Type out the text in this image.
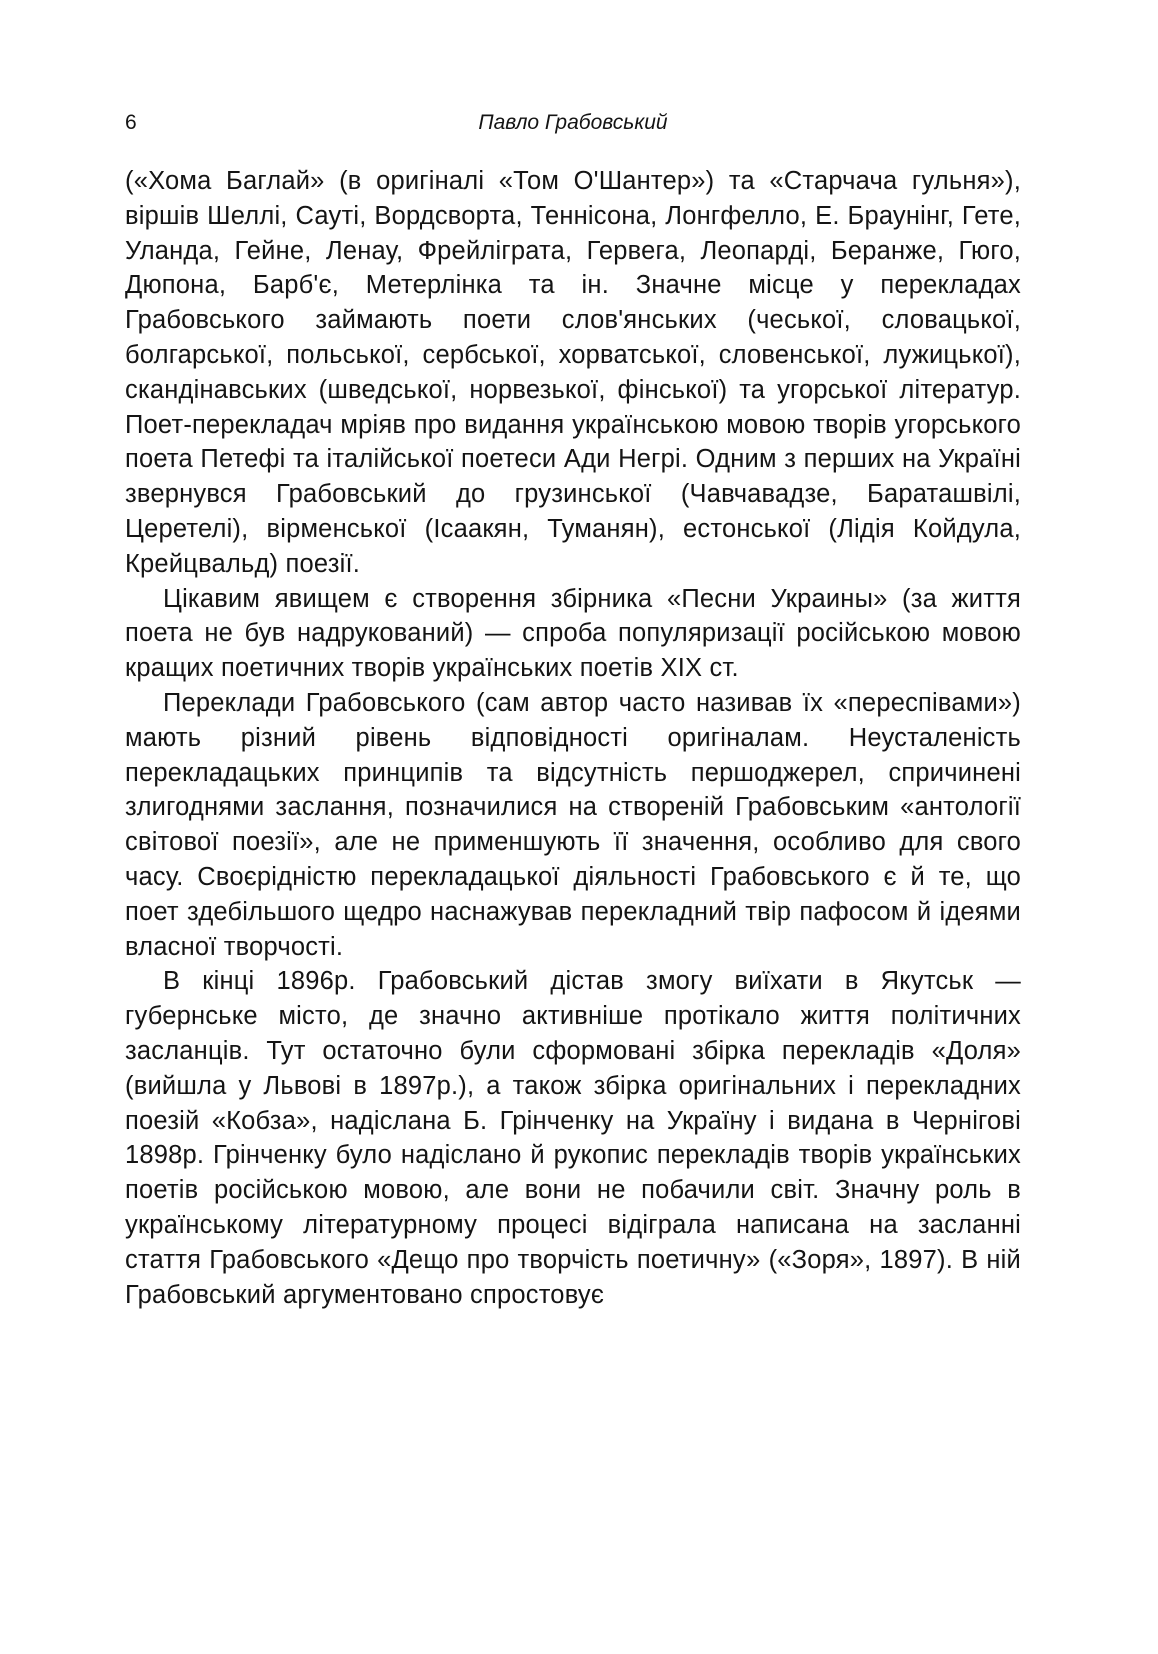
6	Павло Грабовський

(«Хома Баглай» (в оригіналі «Том О'Шантер») та «Старчача гульня»), віршів Шеллі, Сауті, Вордсворта, Теннісона, Лонгфелло, Е. Браунінг, Гете, Уланда, Гейне, Ленау, Фрейліграта, Гервега, Леопарді, Беранже, Гюго, Дюпона, Барб'є, Метерлінка та ін. Значне місце у перекладах Грабовського займають поети слов'янських (чеської, словацької, болгарської, польської, сербської, хорватської, словенської, лужицької), скандінавських (шведської, норвезької, фінської) та угорської літератур. Поет-перекладач мріяв про видання українською мовою творів угорського поета Петефі та італійської поетеси Ади Негрі. Одним з перших на Україні звернувся Грабовський до грузинської (Чавчавадзе, Бараташвілі, Церетелі), вірменської (Ісаакян, Туманян), естонської (Лідія Койдула, Крейцвальд) поезії.

Цікавим явищем є створення збірника «Песни Украины» (за життя поета не був надрукований) — спроба популяризації російською мовою кращих поетичних творів українських поетів XIX ст.

Переклади Грабовського (сам автор часто називав їх «переспівами») мають різний рівень відповідності оригіналам. Неусталеність перекладацьких принципів та відсутність першоджерел, спричинені злигоднями заслання, позначилися на створеній Грабовським «антології світової поезії», але не применшують її значення, особливо для свого часу. Своєрідністю перекладацької діяльності Грабовського є й те, що поет здебільшого щедро наснажував перекладний твір пафосом й ідеями власної творчості.

В кінці 1896р. Грабовський дістав змогу виїхати в Якутськ — губернське місто, де значно активніше протікало життя політичних засланців. Тут остаточно були сформовані збірка перекладів «Доля» (вийшла у Львові в 1897р.), а також збірка оригінальних і перекладних поезій «Кобза», надіслана Б. Грінченку на Україну і видана в Чернігові 1898р. Грінченку було надіслано й рукопис перекладів творів українських поетів російською мовою, але вони не побачили світ. Значну роль в українському літературному процесі відіграла написана на засланні стаття Грабовського «Дещо про творчість поетичну» («Зоря», 1897). В ній Грабовський аргументовано спростовує
